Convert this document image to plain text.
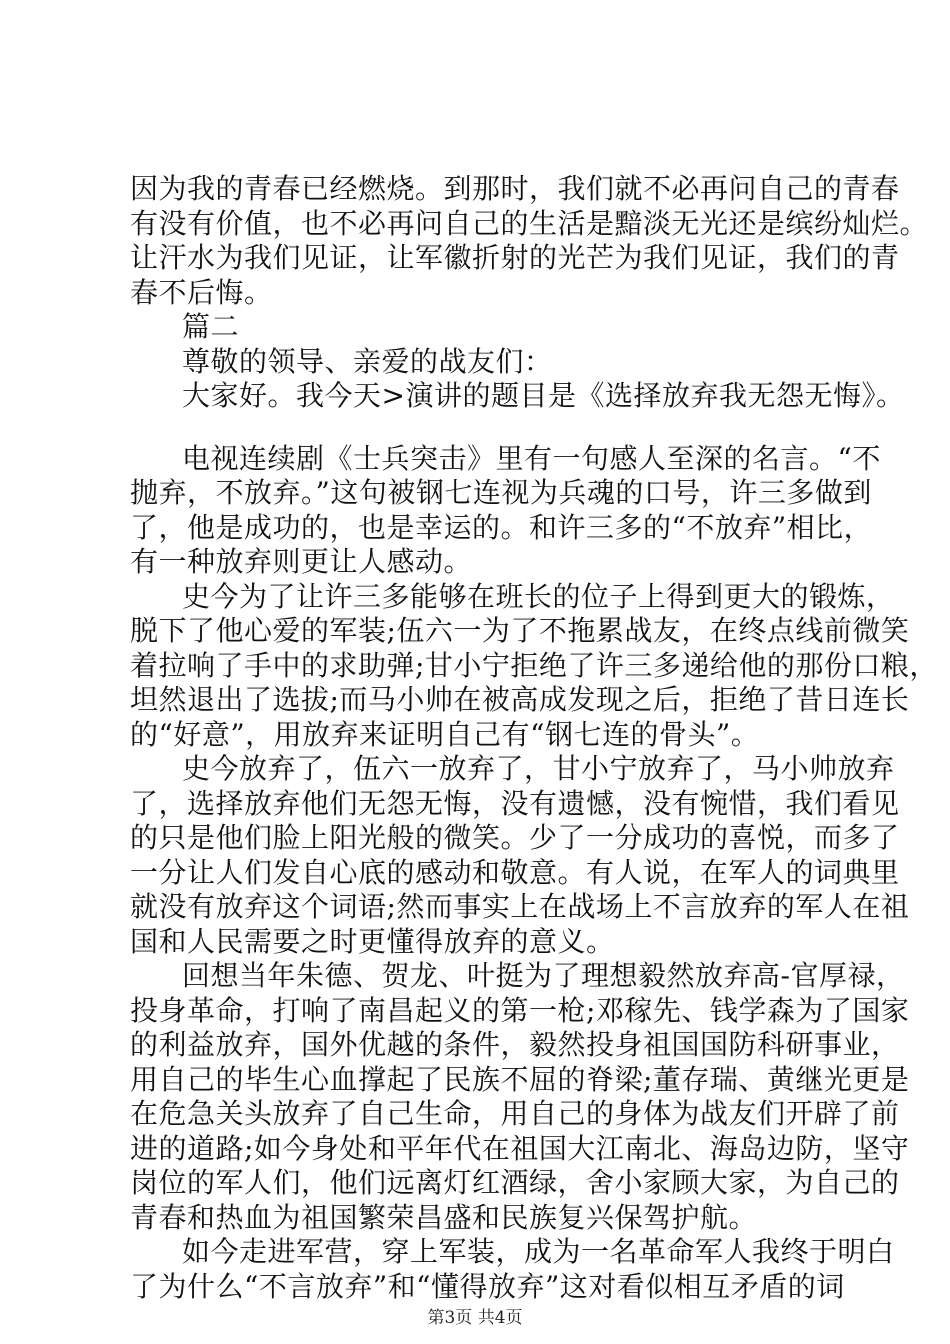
因为我的青春已经燃烧。到那时，我们就不必再问自己的青春
有没有价值，也不必再问自己的生活是黯淡无光还是缤纷灿烂。
让汗水为我们见证，让军徽折射的光芒为我们见证，我们的青
春不后悔。
篇二
尊敬的领导、亲爱的战友们：
大家好。我今天>演讲的题目是《选择放弃我无怨无悔》。
电视连续剧《士兵突击》里有一句感人至深的名言。“不
抛弃，不放弃。”这句被钢七连视为兵魂的口号，许三多做到
了，他是成功的，也是幸运的。和许三多的“不放弃”相比，
有一种放弃则更让人感动。
史今为了让许三多能够在班长的位子上得到更大的锻炼，
脱下了他心爱的军装;伍六一为了不拖累战友，在终点线前微笑
着拉响了手中的求助弹;甘小宁拒绝了许三多递给他的那份口粮，
坦然退出了选拔;而马小帅在被高成发现之后，拒绝了昔日连长
的“好意”，用放弃来证明自己有“钢七连的骨头”。
史今放弃了，伍六一放弃了，甘小宁放弃了，马小帅放弃
了，选择放弃他们无怨无悔，没有遗憾，没有惋惜，我们看见
的只是他们脸上阳光般的微笑。少了一分成功的喜悦，而多了
一分让人们发自心底的感动和敬意。有人说，在军人的词典里
就没有放弃这个词语;然而事实上在战场上不言放弃的军人在祖
国和人民需要之时更懂得放弃的意义。
回想当年朱德、贺龙、叶挺为了理想毅然放弃高-官厚禄，
投身革命，打响了南昌起义的第一枪;邓稼先、钱学森为了国家
的利益放弃，国外优越的条件，毅然投身祖国国防科研事业，
用自己的毕生心血撑起了民族不屈的脊梁;董存瑞、黄继光更是
在危急关头放弃了自己生命，用自己的身体为战友们开辟了前
进的道路;如今身处和平年代在祖国大江南北、海岛边防，坚守
岗位的军人们，他们远离灯红酒绿，舍小家顾大家，为自己的
青春和热血为祖国繁荣昌盛和民族复兴保驾护航。
如今走进军营，穿上军装，成为一名革命军人我终于明白
了为什么“不言放弃”和“懂得放弃”这对看似相互矛盾的词
第3页 共4页
